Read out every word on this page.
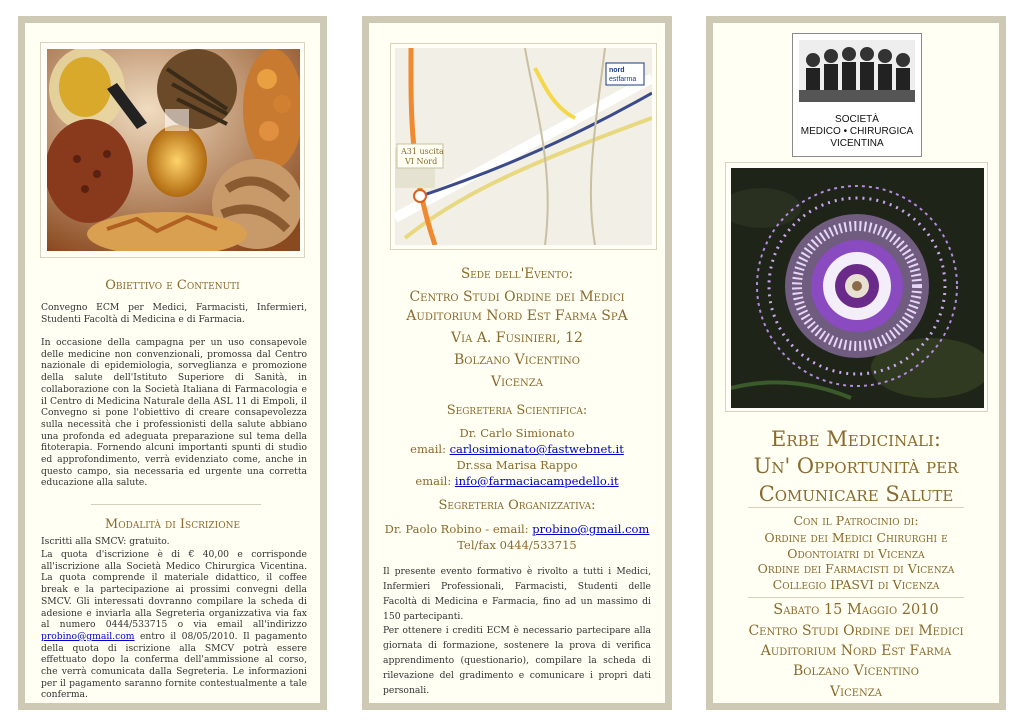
Obiettivo e Contenuti
Convegno ECM per Medici, Farmacisti, Infermieri, Studenti Facoltà di Medicina e di Farmacia.
In occasione della campagna per un uso consapevole delle medicine non convenzionali, promossa dal Centro nazionale di epidemiologia, sorveglianza e promozione della salute dell'Istituto Superiore di Sanità, in collaborazione con la Società Italiana di Farmacologia e il Centro di Medicina Naturale della ASL 11 di Empoli, il Convegno si pone l'obiettivo di creare consapevolezza sulla necessità che i professionisti della salute abbiano una profonda ed adeguata preparazione sul tema della fitoterapia. Fornendo alcuni importanti spunti di studio ed approfondimento, verrà evidenziato come, anche in questo campo, sia necessaria ed urgente una corretta educazione alla salute.
Modalità di Iscrizione
Iscritti alla SMCV: gratuito.
La quota d'iscrizione è di € 40,00 e corrisponde all'iscrizione alla Società Medico Chirurgica Vicentina. La quota comprende il materiale didattico, il coffee break e la partecipazione ai prossimi convegni della SMCV. Gli interessati dovranno compilare la scheda di adesione e inviarla alla Segreteria organizzativa via fax al numero 0444/533715 o via email all'indirizzo probino@gmail.com entro il 08/05/2010. Il pagamento della quota di iscrizione alla SMCV potrà essere effettuato dopo la conferma dell'ammissione al corso, che verrà comunicata dalla Segreteria. Le informazioni per il pagamento saranno fornite contestualmente a tale conferma.
nord
estfarma
A31 uscita
VI Nord
Sede dell'Evento:
Centro Studi Ordine dei Medici
Auditorium Nord Est Farma SpA
Via A. Fusinieri, 12
Bolzano Vicentino
Vicenza
Segreteria Scientifica:
Dr. Carlo Simionato
email: carlosimionato@fastwebnet.it
Dr.ssa Marisa Rappo
email: info@farmaciacampedello.it
Segreteria Organizzativa:
Dr. Paolo Robino - email: probino@gmail.com
Tel/fax 0444/533715
Il presente evento formativo è rivolto a tutti i Medici, Infermieri Professionali, Farmacisti, Studenti delle Facoltà di Medicina e Farmacia, fino ad un massimo di 150 partecipanti.
Per ottenere i crediti ECM è necessario partecipare alla giornata di formazione, sostenere la prova di verifica apprendimento (questionario), compilare la scheda di rilevazione del gradimento e comunicare i propri dati personali.
SOCIETÀ
MEDICO • CHIRURGICA
VICENTINA
Erbe Medicinali:
Un' Opportunità per
Comunicare Salute
Con il Patrocinio di:
Ordine dei Medici Chirurghi e
Odontoiatri di Vicenza
Ordine dei Farmacisti di Vicenza
Collegio IPASVI di Vicenza
Sabato 15 Maggio 2010
Centro Studi Ordine dei Medici
Auditorium Nord Est Farma
Bolzano Vicentino
Vicenza
